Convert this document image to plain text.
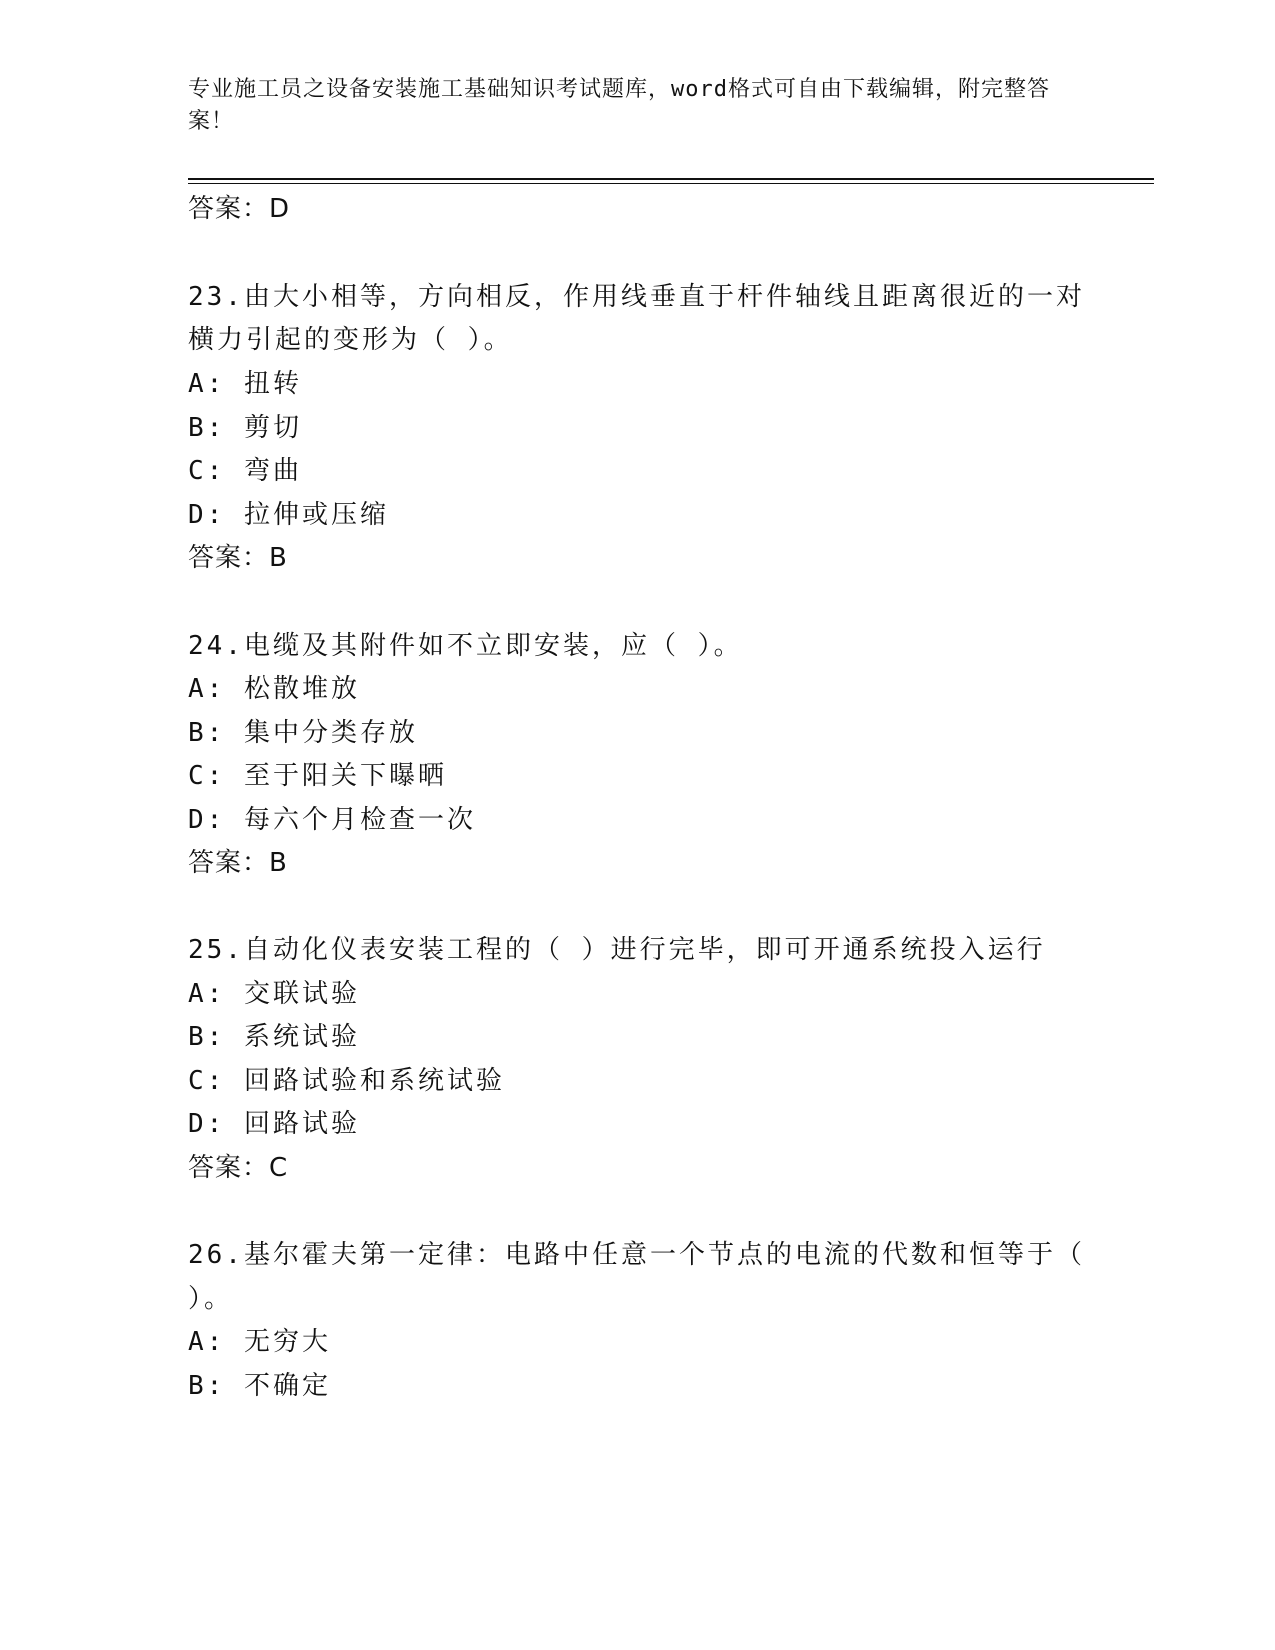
专业施工员之设备安装施工基础知识考试题库，word格式可自由下载编辑，附完整答案！
答案：D
23.由大小相等，方向相反，作用线垂直于杆件轴线且距离很近的一对
横力引起的变形为（ ）。
A: 扭转
B: 剪切
C: 弯曲
D: 拉伸或压缩
答案：B
24.电缆及其附件如不立即安装，应（ ）。
A: 松散堆放
B: 集中分类存放
C: 至于阳关下曝晒
D: 每六个月检查一次
答案：B
25.自动化仪表安装工程的（ ）进行完毕，即可开通系统投入运行
A: 交联试验
B: 系统试验
C: 回路试验和系统试验
D: 回路试验
答案：C
26.基尔霍夫第一定律：电路中任意一个节点的电流的代数和恒等于（
）。
A: 无穷大
B: 不确定
